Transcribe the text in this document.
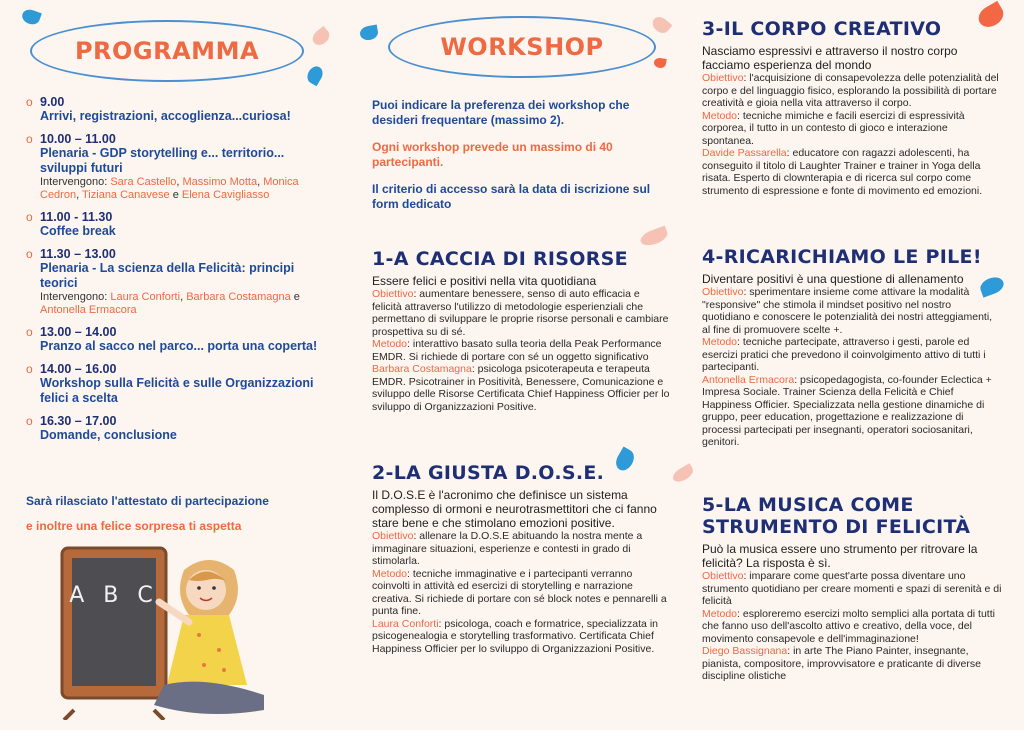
PROGRAMMA
o 9.00
Arrivi, registrazioni, accoglienza...curiosa!
o 10.00 – 11.00
Plenaria - GDP storytelling e... territorio... sviluppi futuri
Intervengono: Sara Castello, Massimo Motta, Monica Cedron, Tiziana Canavese e Elena Cavigliasso
o 11.00 - 11.30
Coffee break
o 11.30 – 13.00
Plenaria - La scienza della Felicità: principi teorici
Intervengono: Laura Conforti, Barbara Costamagna e Antonella Ermacora
o 13.00 – 14.00
Pranzo al sacco nel parco... porta una coperta!
o 14.00 – 16.00
Workshop sulla Felicità e sulle Organizzazioni felici a scelta
o 16.30 – 17.00
Domande, conclusione
Sarà rilasciato l'attestato di partecipazione
e inoltre una felice sorpresa ti aspetta
A B C
WORKSHOP

Puoi indicare la preferenza dei workshop che desideri frequentare (massimo 2).

Ogni workshop prevede un massimo di 40 partecipanti.

Il criterio di accesso sarà la data di iscrizione sul form dedicato

1-A CACCIA DI RISORSE

Essere felici e positivi nella vita quotidiana

Obiettivo: aumentare benessere, senso di auto efficacia e felicità attraverso l'utilizzo di metodologie esperienziali che permettano di sviluppare le proprie risorse personali e cambiare prospettiva su di sé.

Metodo: interattivo basato sulla teoria della Peak Performance EMDR. Si richiede di portare con sé un oggetto significativo

Barbara Costamagna: psicologa psicoterapeuta e terapeuta EMDR. Psicotrainer in Positività, Benessere, Comunicazione e sviluppo delle Risorse Certificata Chief Happiness Officier per lo sviluppo di Organizzazioni Positive.

2-LA GIUSTA D.O.S.E.

Il D.O.S.E è l'acronimo che definisce un sistema complesso di ormoni e neurotrasmettitori che ci fanno stare bene e che stimolano emozioni positive.

Obiettivo: allenare la D.O.S.E abituando la nostra mente a immaginare situazioni, esperienze e contesti in grado di stimolarla.

Metodo: tecniche immaginative e i partecipanti verranno coinvolti in attività ed esercizi di storytelling e narrazione creativa. Si richiede di portare con sé block notes e pennarelli a punta fine.

Laura Conforti: psicologa, coach e formatrice, specializzata in psicogenealogia e storytelling trasformativo. Certificata Chief Happiness Officier per lo sviluppo di Organizzazioni Positive.

3-IL CORPO CREATIVO

Nasciamo espressivi e attraverso il nostro corpo facciamo esperienza del mondo

Obiettivo: l'acquisizione di consapevolezza delle potenzialità del corpo e del linguaggio fisico, esplorando la possibilità di portare creatività e gioia nella vita attraverso il corpo.

Metodo: tecniche mimiche e facili esercizi di espressività corporea, il tutto in un contesto di gioco e interazione spontanea.

Davide Passarella: educatore con ragazzi adolescenti, ha conseguito il titolo di Laughter Trainer e trainer in Yoga della risata. Esperto di clownterapia e di ricerca sul corpo come strumento di espressione e fonte di movimento ed emozioni.

4-RICARICHIAMO LE PILE!

Diventare positivi è una questione di allenamento

Obiettivo: sperimentare insieme come attivare la modalità "responsive" che stimola il mindset positivo nel nostro quotidiano e conoscere le potenzialità dei nostri atteggiamenti, al fine di promuovere scelte +.

Metodo: tecniche partecipate, attraverso i gesti, parole ed esercizi pratici che prevedono il coinvolgimento attivo di tutti i partecipanti.

Antonella Ermacora: psicopedagogista, co-founder Eclectica + Impresa Sociale. Trainer Scienza della Felicità e Chief Happiness Officier. Specializzata nella gestione dinamiche di gruppo, peer education, progettazione e realizzazione di processi partecipati per insegnanti, operatori sociosanitari, genitori.

5-LA MUSICA COME STRUMENTO DI FELICITÀ

Può la musica essere uno strumento per ritrovare la felicità? La risposta è sì.

Obiettivo: imparare come quest'arte possa diventare uno strumento quotidiano per creare momenti e spazi di serenità e di felicità

Metodo: esploreremo esercizi molto semplici alla portata di tutti che fanno uso dell'ascolto attivo e creativo, della voce, del movimento consapevole e dell'immaginazione!

Diego Bassignana: in arte The Piano Painter, insegnante, pianista, compositore, improvvisatore e praticante di diverse discipline olistiche
